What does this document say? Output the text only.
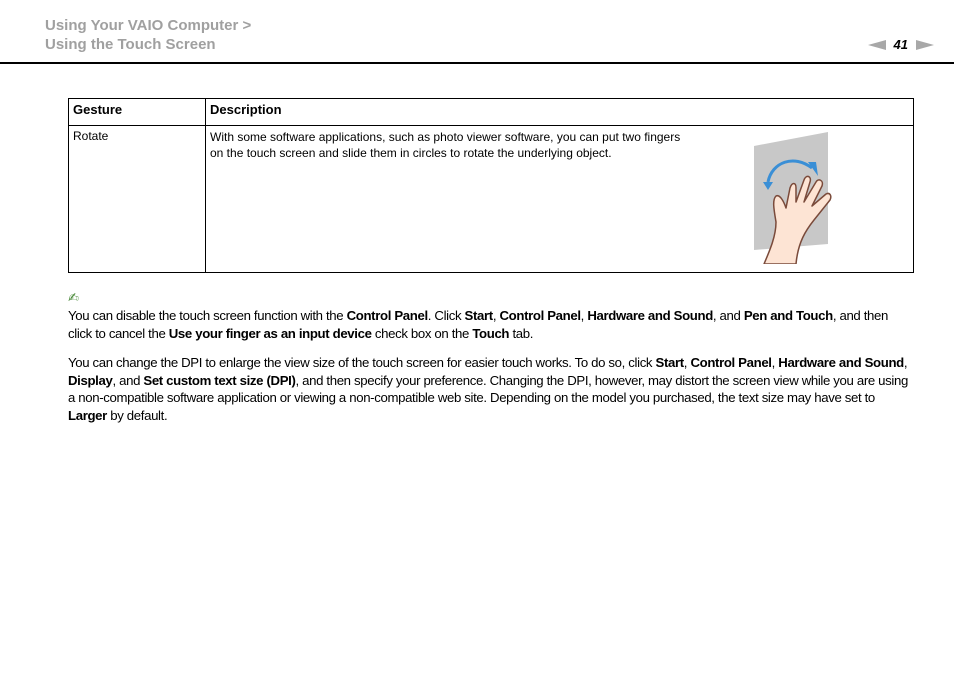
Using Your VAIO Computer >
Using the Touch Screen	41
Gesture	Description
Rotate	With some software applications, such as photo viewer software, you can put two fingers on the touch screen and slide them in circles to rotate the underlying object.
✍
You can disable the touch screen function with the Control Panel. Click Start, Control Panel, Hardware and Sound, and Pen and Touch, and then click to cancel the Use your finger as an input device check box on the Touch tab.
You can change the DPI to enlarge the view size of the touch screen for easier touch works. To do so, click Start, Control Panel, Hardware and Sound, Display, and Set custom text size (DPI), and then specify your preference. Changing the DPI, however, may distort the screen view while you are using a non-compatible software application or viewing a non-compatible web site. Depending on the model you purchased, the text size may have set to Larger by default.
